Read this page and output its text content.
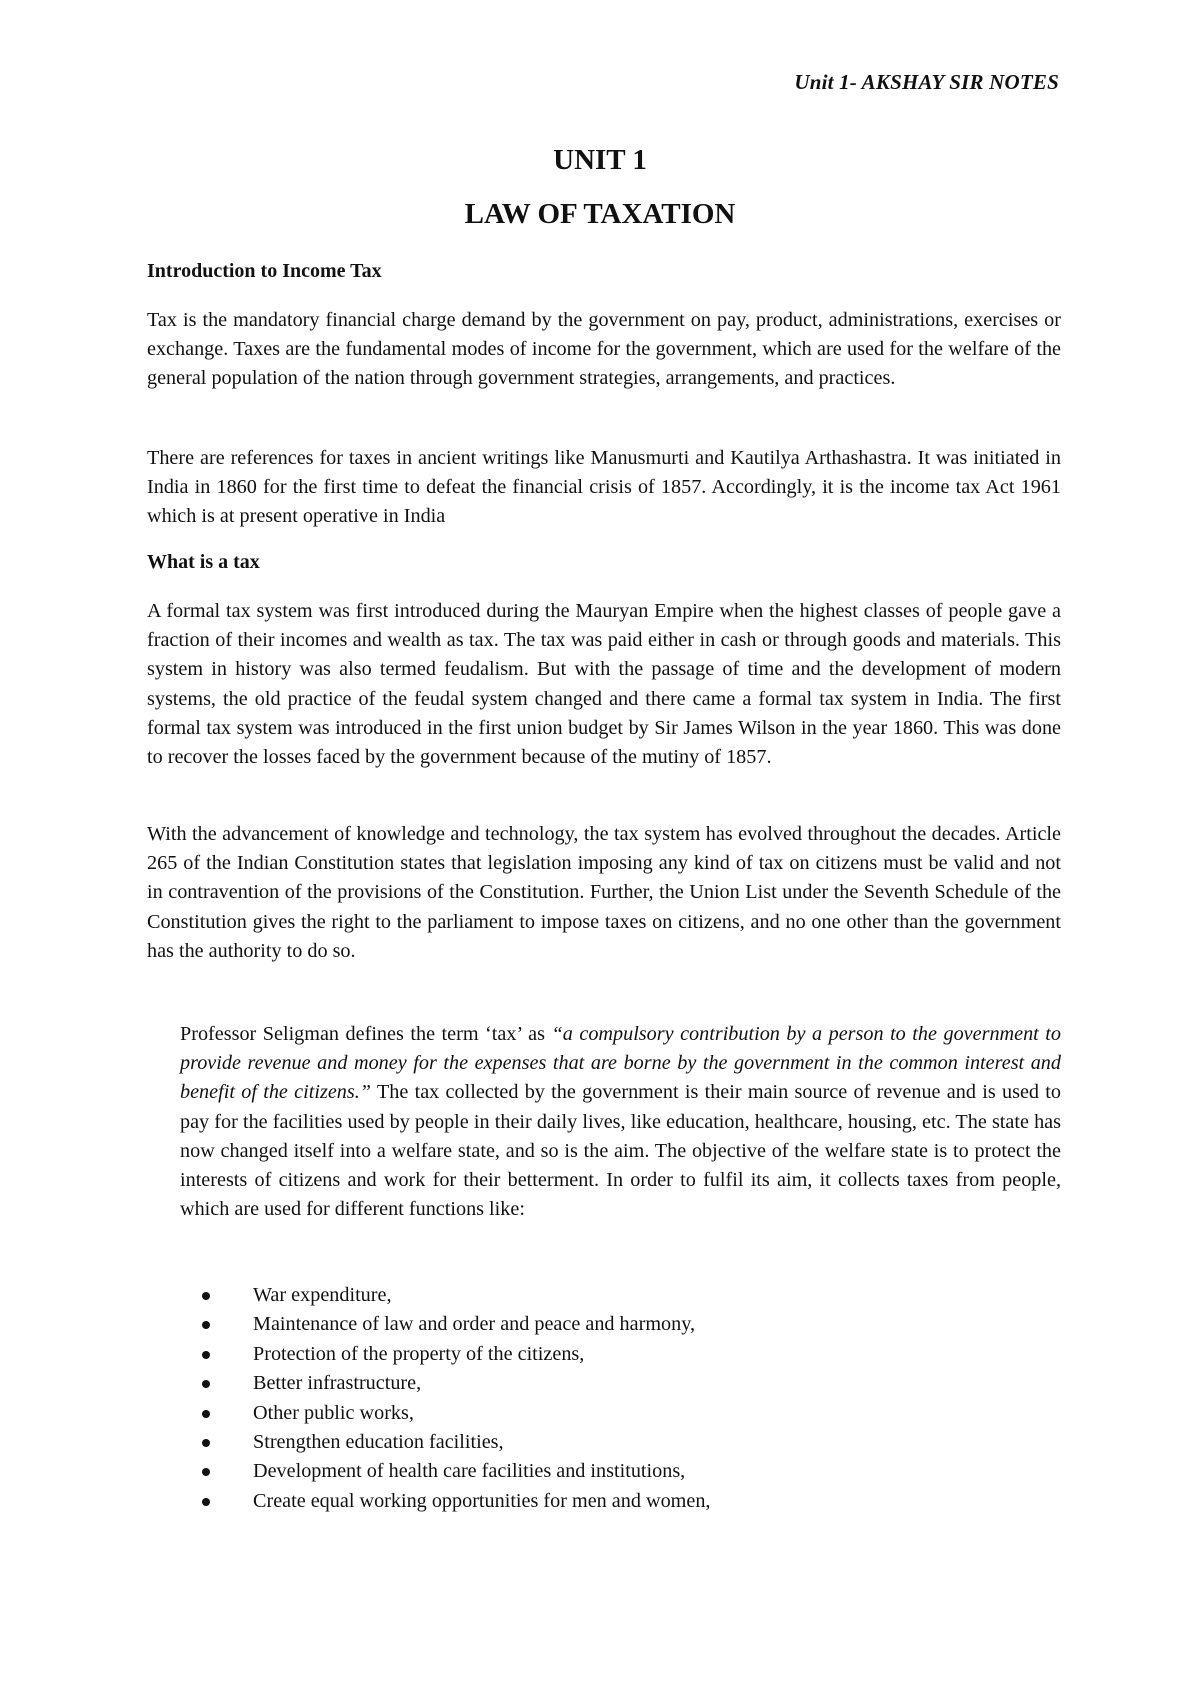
Unit 1- AKSHAY SIR NOTES
UNIT 1
LAW OF TAXATION
Introduction to Income Tax

Tax is the mandatory financial charge demand by the government on pay, product, administrations, exercises or exchange. Taxes are the fundamental modes of income for the government, which are used for the welfare of the general population of the nation through government strategies, arrangements, and practices.

There are references for taxes in ancient writings like Manusmurti and Kautilya Arthashastra. It was initiated in India in 1860 for the first time to defeat the financial crisis of 1857. Accordingly, it is the income tax Act 1961 which is at present operative in India

What is a tax

A formal tax system was first introduced during the Mauryan Empire when the highest classes of people gave a fraction of their incomes and wealth as tax. The tax was paid either in cash or through goods and materials. This system in history was also termed feudalism. But with the passage of time and the development of modern systems, the old practice of the feudal system changed and there came a formal tax system in India. The first formal tax system was introduced in the first union budget by Sir James Wilson in the year 1860. This was done to recover the losses faced by the government because of the mutiny of 1857.

With the advancement of knowledge and technology, the tax system has evolved throughout the decades. Article 265 of the Indian Constitution states that legislation imposing any kind of tax on citizens must be valid and not in contravention of the provisions of the Constitution. Further, the Union List under the Seventh Schedule of the Constitution gives the right to the parliament to impose taxes on citizens, and no one other than the government has the authority to do so.

Professor Seligman defines the term ‘tax’ as “a compulsory contribution by a person to the government to provide revenue and money for the expenses that are borne by the government in the common interest and benefit of the citizens.” The tax collected by the government is their main source of revenue and is used to pay for the facilities used by people in their daily lives, like education, healthcare, housing, etc. The state has now changed itself into a welfare state, and so is the aim. The objective of the welfare state is to protect the interests of citizens and work for their betterment. In order to fulfil its aim, it collects taxes from people, which are used for different functions like:

War expenditure,
Maintenance of law and order and peace and harmony,
Protection of the property of the citizens,
Better infrastructure,
Other public works,
Strengthen education facilities,
Development of health care facilities and institutions,
Create equal working opportunities for men and women,
